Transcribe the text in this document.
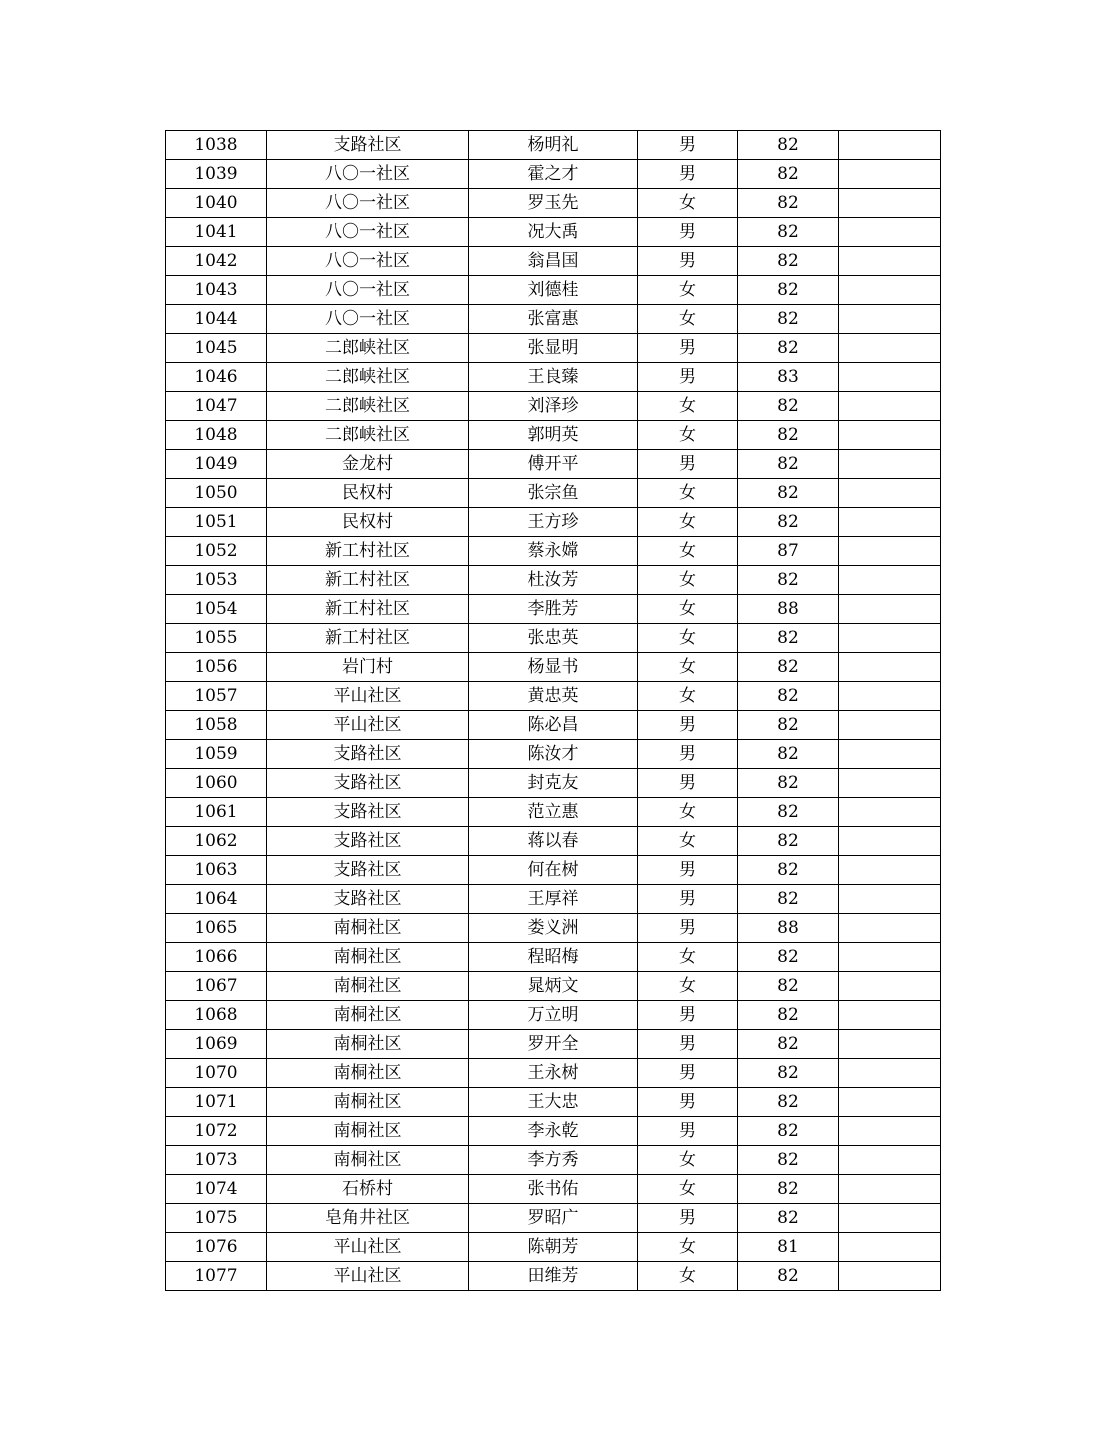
1038	支路社区	杨明礼	男	82	
1039	八〇一社区	霍之才	男	82	
1040	八〇一社区	罗玉先	女	82	
1041	八〇一社区	况大禹	男	82	
1042	八〇一社区	翁昌国	男	82	
1043	八〇一社区	刘德桂	女	82	
1044	八〇一社区	张富惠	女	82	
1045	二郎峡社区	张显明	男	82	
1046	二郎峡社区	王良臻	男	83	
1047	二郎峡社区	刘泽珍	女	82	
1048	二郎峡社区	郭明英	女	82	
1049	金龙村	傅开平	男	82	
1050	民权村	张宗鱼	女	82	
1051	民权村	王方珍	女	82	
1052	新工村社区	蔡永嫦	女	87	
1053	新工村社区	杜汝芳	女	82	
1054	新工村社区	李胜芳	女	88	
1055	新工村社区	张忠英	女	82	
1056	岩门村	杨显书	女	82	
1057	平山社区	黄忠英	女	82	
1058	平山社区	陈必昌	男	82	
1059	支路社区	陈汝才	男	82	
1060	支路社区	封克友	男	82	
1061	支路社区	范立惠	女	82	
1062	支路社区	蒋以春	女	82	
1063	支路社区	何在树	男	82	
1064	支路社区	王厚祥	男	82	
1065	南桐社区	娄义洲	男	88	
1066	南桐社区	程昭梅	女	82	
1067	南桐社区	晁炳文	女	82	
1068	南桐社区	万立明	男	82	
1069	南桐社区	罗开全	男	82	
1070	南桐社区	王永树	男	82	
1071	南桐社区	王大忠	男	82	
1072	南桐社区	李永乾	男	82	
1073	南桐社区	李方秀	女	82	
1074	石桥村	张书佑	女	82	
1075	皂角井社区	罗昭广	男	82	
1076	平山社区	陈朝芳	女	81	
1077	平山社区	田维芳	女	82	
